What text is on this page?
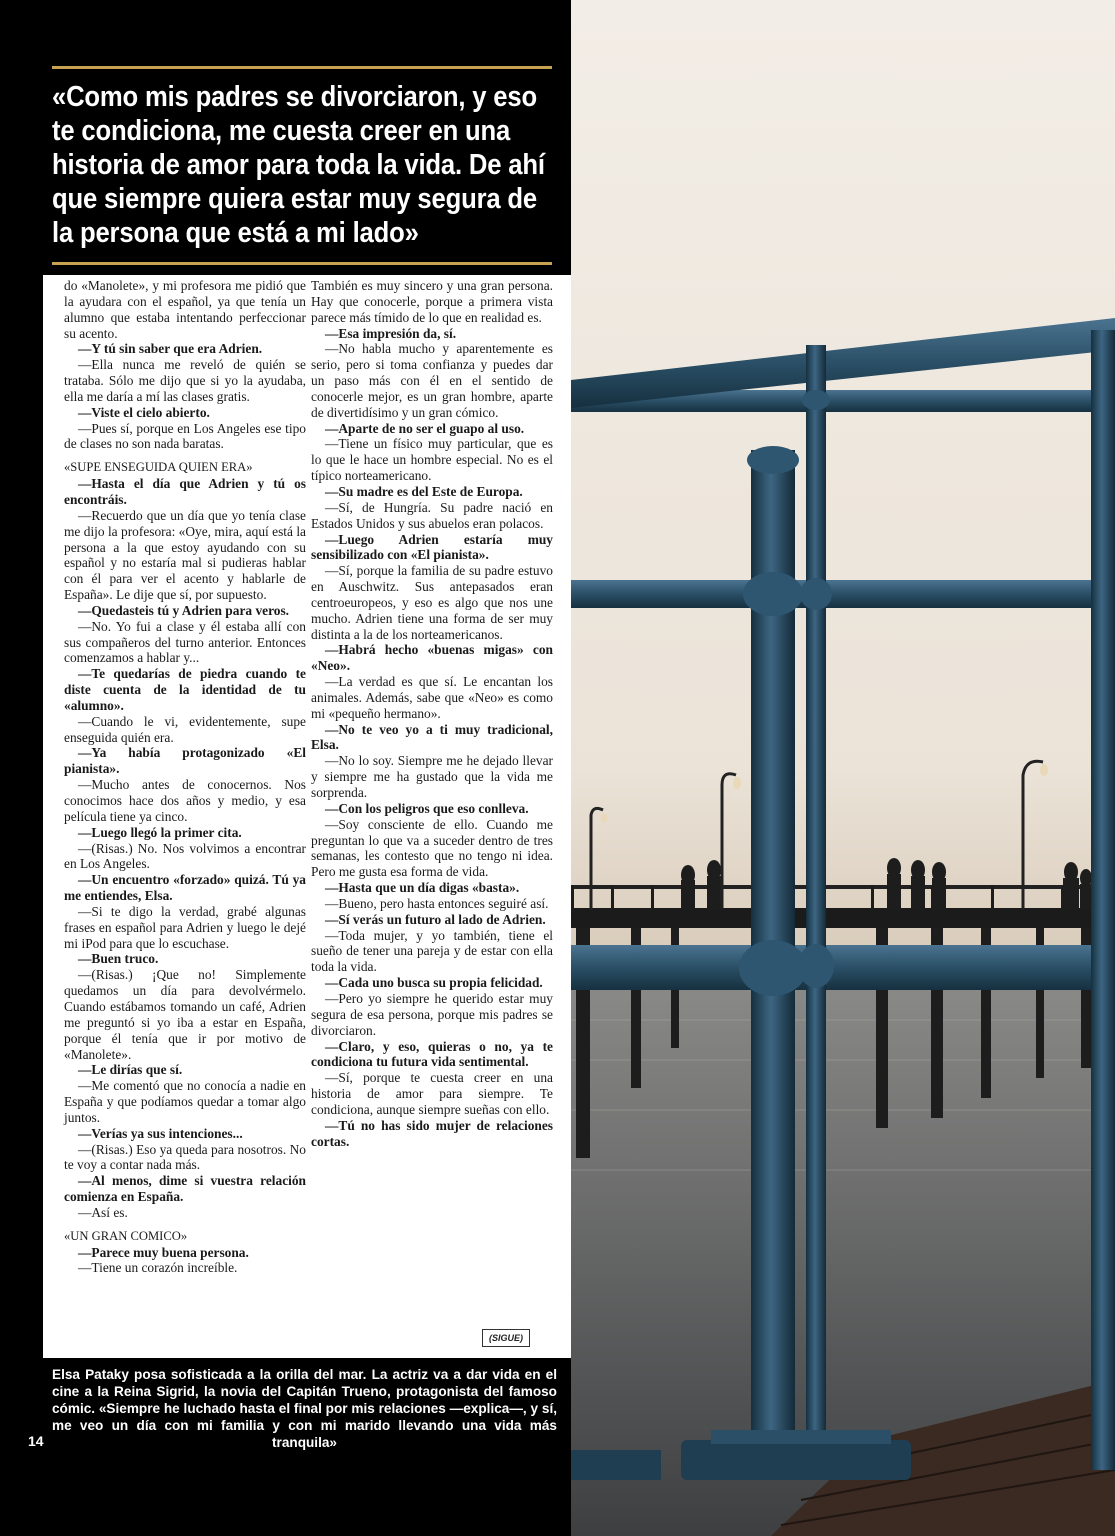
«Como mis padres se divorciaron, y eso te condiciona, me cuesta creer en una historia de amor para toda la vida. De ahí que siempre quiera estar muy segura de la persona que está a mi lado»

do «Manolete», y mi profesora me pidió que la ayudara con el español, ya que tenía un alumno que estaba intentando perfeccionar su acento.

—Y tú sin saber que era Adrien.

—Ella nunca me reveló de quién se trataba. Sólo me dijo que si yo la ayudaba, ella me daría a mí las clases gratis.

—Viste el cielo abierto.

—Pues sí, porque en Los Angeles ese tipo de clases no son nada baratas.

«SUPE ENSEGUIDA QUIEN ERA»

—Hasta el día que Adrien y tú os encontráis.

—Recuerdo que un día que yo tenía clase me dijo la profesora: «Oye, mira, aquí está la persona a la que estoy ayudando con su español y no estaría mal si pudieras hablar con él para ver el acento y hablarle de España». Le dije que sí, por supuesto.

—Quedasteis tú y Adrien para veros.

—No. Yo fui a clase y él estaba allí con sus compañeros del turno anterior. Entonces comenzamos a hablar y...

—Te quedarías de piedra cuando te diste cuenta de la identidad de tu «alumno».

—Cuando le vi, evidentemente, supe enseguida quién era.

—Ya había protagonizado «El pianista».

—Mucho antes de conocernos. Nos conocimos hace dos años y medio, y esa película tiene ya cinco.

—Luego llegó la primer cita.

—(Risas.) No. Nos volvimos a encontrar en Los Angeles.

—Un encuentro «forzado» quizá. Tú ya me entiendes, Elsa.

—Si te digo la verdad, grabé algunas frases en español para Adrien y luego le dejé mi iPod para que lo escuchase.

—Buen truco.

—(Risas.) ¡Que no! Simplemente quedamos un día para devolvérmelo. Cuando estábamos tomando un café, Adrien me preguntó si yo iba a estar en España, porque él tenía que ir por motivo de «Manolete».

—Le dirías que sí.

—Me comentó que no conocía a nadie en España y que podíamos quedar a tomar algo juntos.

—Verías ya sus intenciones...

—(Risas.) Eso ya queda para nosotros. No te voy a contar nada más.

—Al menos, dime si vuestra relación comienza en España.

—Así es.

«UN GRAN COMICO»

—Parece muy buena persona.

—Tiene un corazón increíble.

También es muy sincero y una gran persona. Hay que conocerle, porque a primera vista parece más tímido de lo que en realidad es.

—Esa impresión da, sí.

—No habla mucho y aparentemente es serio, pero si toma confianza y puedes dar un paso más con él en el sentido de conocerle mejor, es un gran hombre, aparte de divertidísimo y un gran cómico.

—Aparte de no ser el guapo al uso.

—Tiene un físico muy particular, que es lo que le hace un hombre especial. No es el típico norteamericano.

—Su madre es del Este de Europa.

—Sí, de Hungría. Su padre nació en Estados Unidos y sus abuelos eran polacos.

—Luego Adrien estaría muy sensibilizado con «El pianista».

—Sí, porque la familia de su padre estuvo en Auschwitz. Sus antepasados eran centroeuropeos, y eso es algo que nos une mucho. Adrien tiene una forma de ser muy distinta a la de los norteamericanos.

—Habrá hecho «buenas migas» con «Neo».

—La verdad es que sí. Le encantan los animales. Además, sabe que «Neo» es como mi «pequeño hermano».

—No te veo yo a ti muy tradicional, Elsa.

—No lo soy. Siempre me he dejado llevar y siempre me ha gustado que la vida me sorprenda.

—Con los peligros que eso conlleva.

—Soy consciente de ello. Cuando me preguntan lo que va a suceder dentro de tres semanas, les contesto que no tengo ni idea. Pero me gusta esa forma de vida.

—Hasta que un día digas «basta».

—Bueno, pero hasta entonces seguiré así.

—Sí verás un futuro al lado de Adrien.

—Toda mujer, y yo también, tiene el sueño de tener una pareja y de estar con ella toda la vida.

—Cada uno busca su propia felicidad.

—Pero yo siempre he querido estar muy segura de esa persona, porque mis padres se divorciaron.

—Claro, y eso, quieras o no, ya te condiciona tu futura vida sentimental.

—Sí, porque te cuesta creer en una historia de amor para siempre. Te condiciona, aunque siempre sueñas con ello.

—Tú no has sido mujer de relaciones cortas.

(SIGUE)

Elsa Pataky posa sofisticada a la orilla del mar. La actriz va a dar vida en el cine a la Reina Sigrid, la novia del Capitán Trueno, protagonista del famoso cómic. «Siempre he luchado hasta el final por mis relaciones —explica—, y sí, me veo un día con mi familia y con mi marido llevando una vida más tranquila»

14
